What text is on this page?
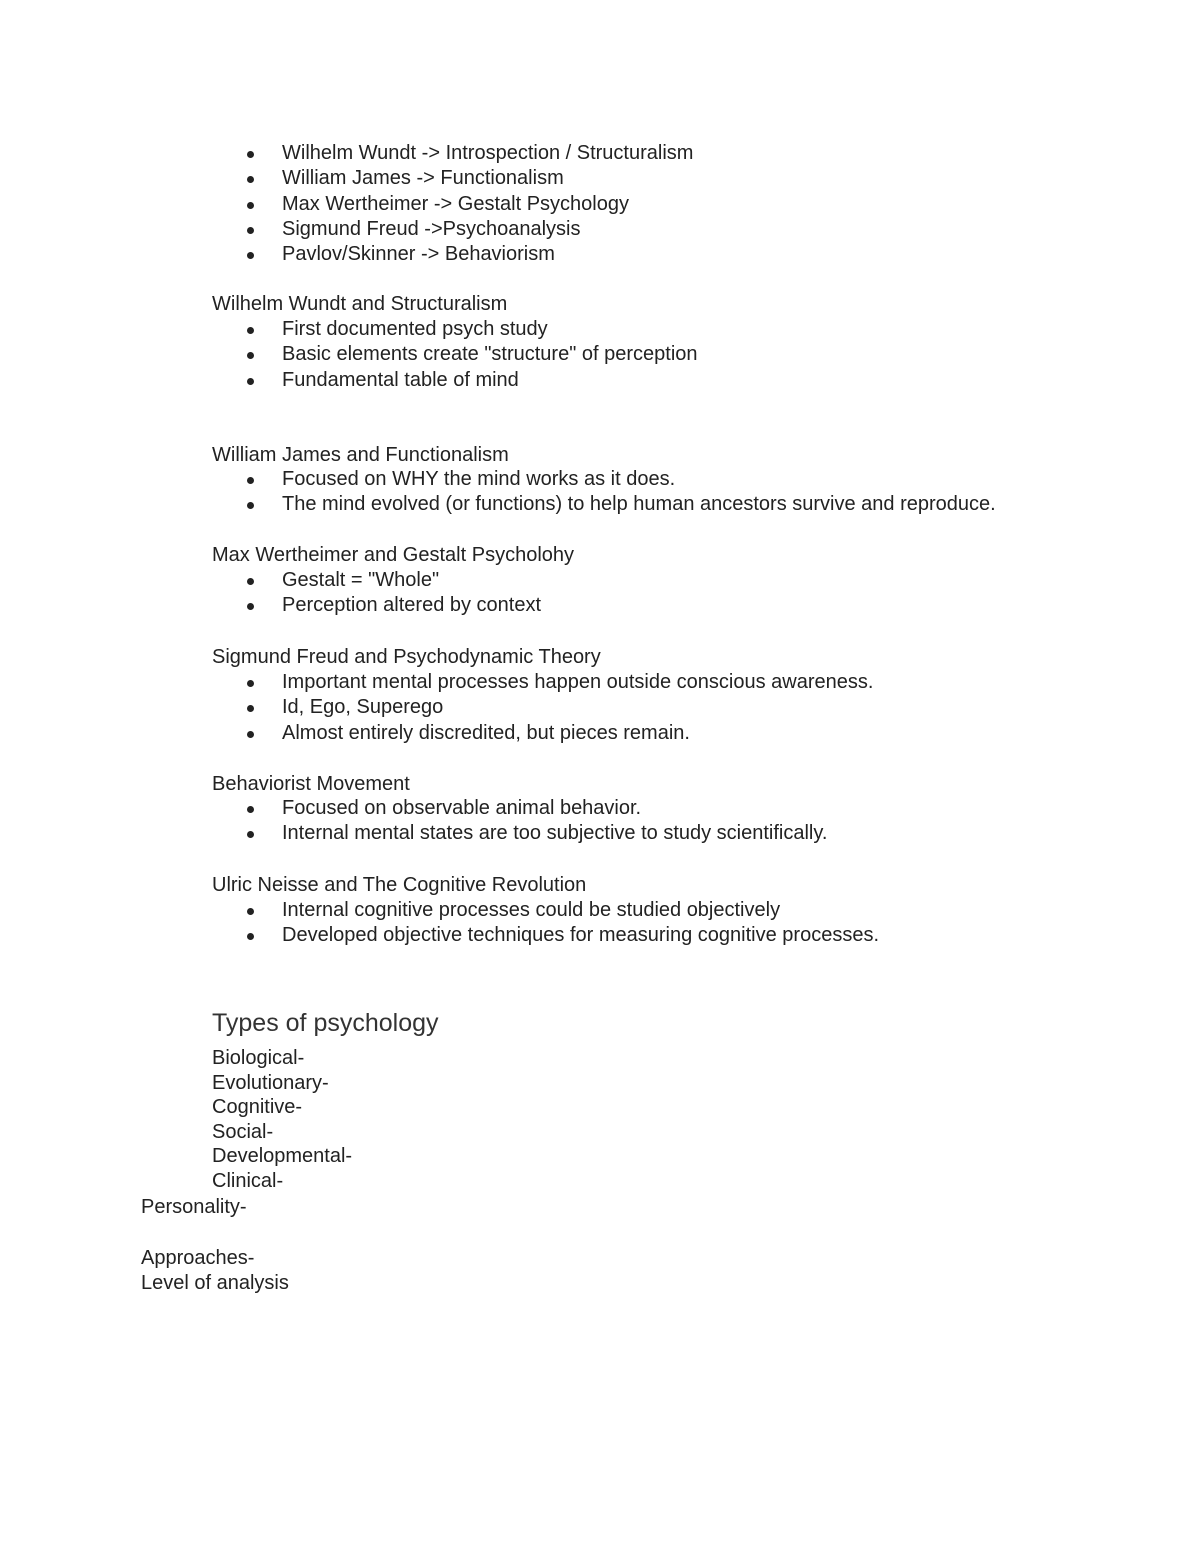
Wilhelm Wundt -> Introspection / Structuralism
William James -> Functionalism
Max Wertheimer -> Gestalt Psychology
Sigmund Freud ->Psychoanalysis
Pavlov/Skinner -> Behaviorism
Wilhelm Wundt and Structuralism
First documented psych study
Basic elements create "structure" of perception
Fundamental table of mind
William James and Functionalism
Focused on WHY the mind works as it does.
The mind evolved (or functions) to help human ancestors survive and reproduce.
Max Wertheimer and Gestalt Psycholohy
Gestalt = "Whole"
Perception altered by context
Sigmund Freud and Psychodynamic Theory
Important mental processes happen outside conscious awareness.
Id, Ego, Superego
Almost entirely discredited, but pieces remain.
Behaviorist Movement
Focused on observable animal behavior.
Internal mental states are too subjective to study scientifically.
Ulric Neisse and The Cognitive Revolution
Internal cognitive processes could be studied objectively
Developed objective techniques for measuring cognitive processes.
Types of psychology
Biological-
Evolutionary-
Cognitive-
Social-
Developmental-
Clinical-
Personality-
Approaches-
Level of analysis
